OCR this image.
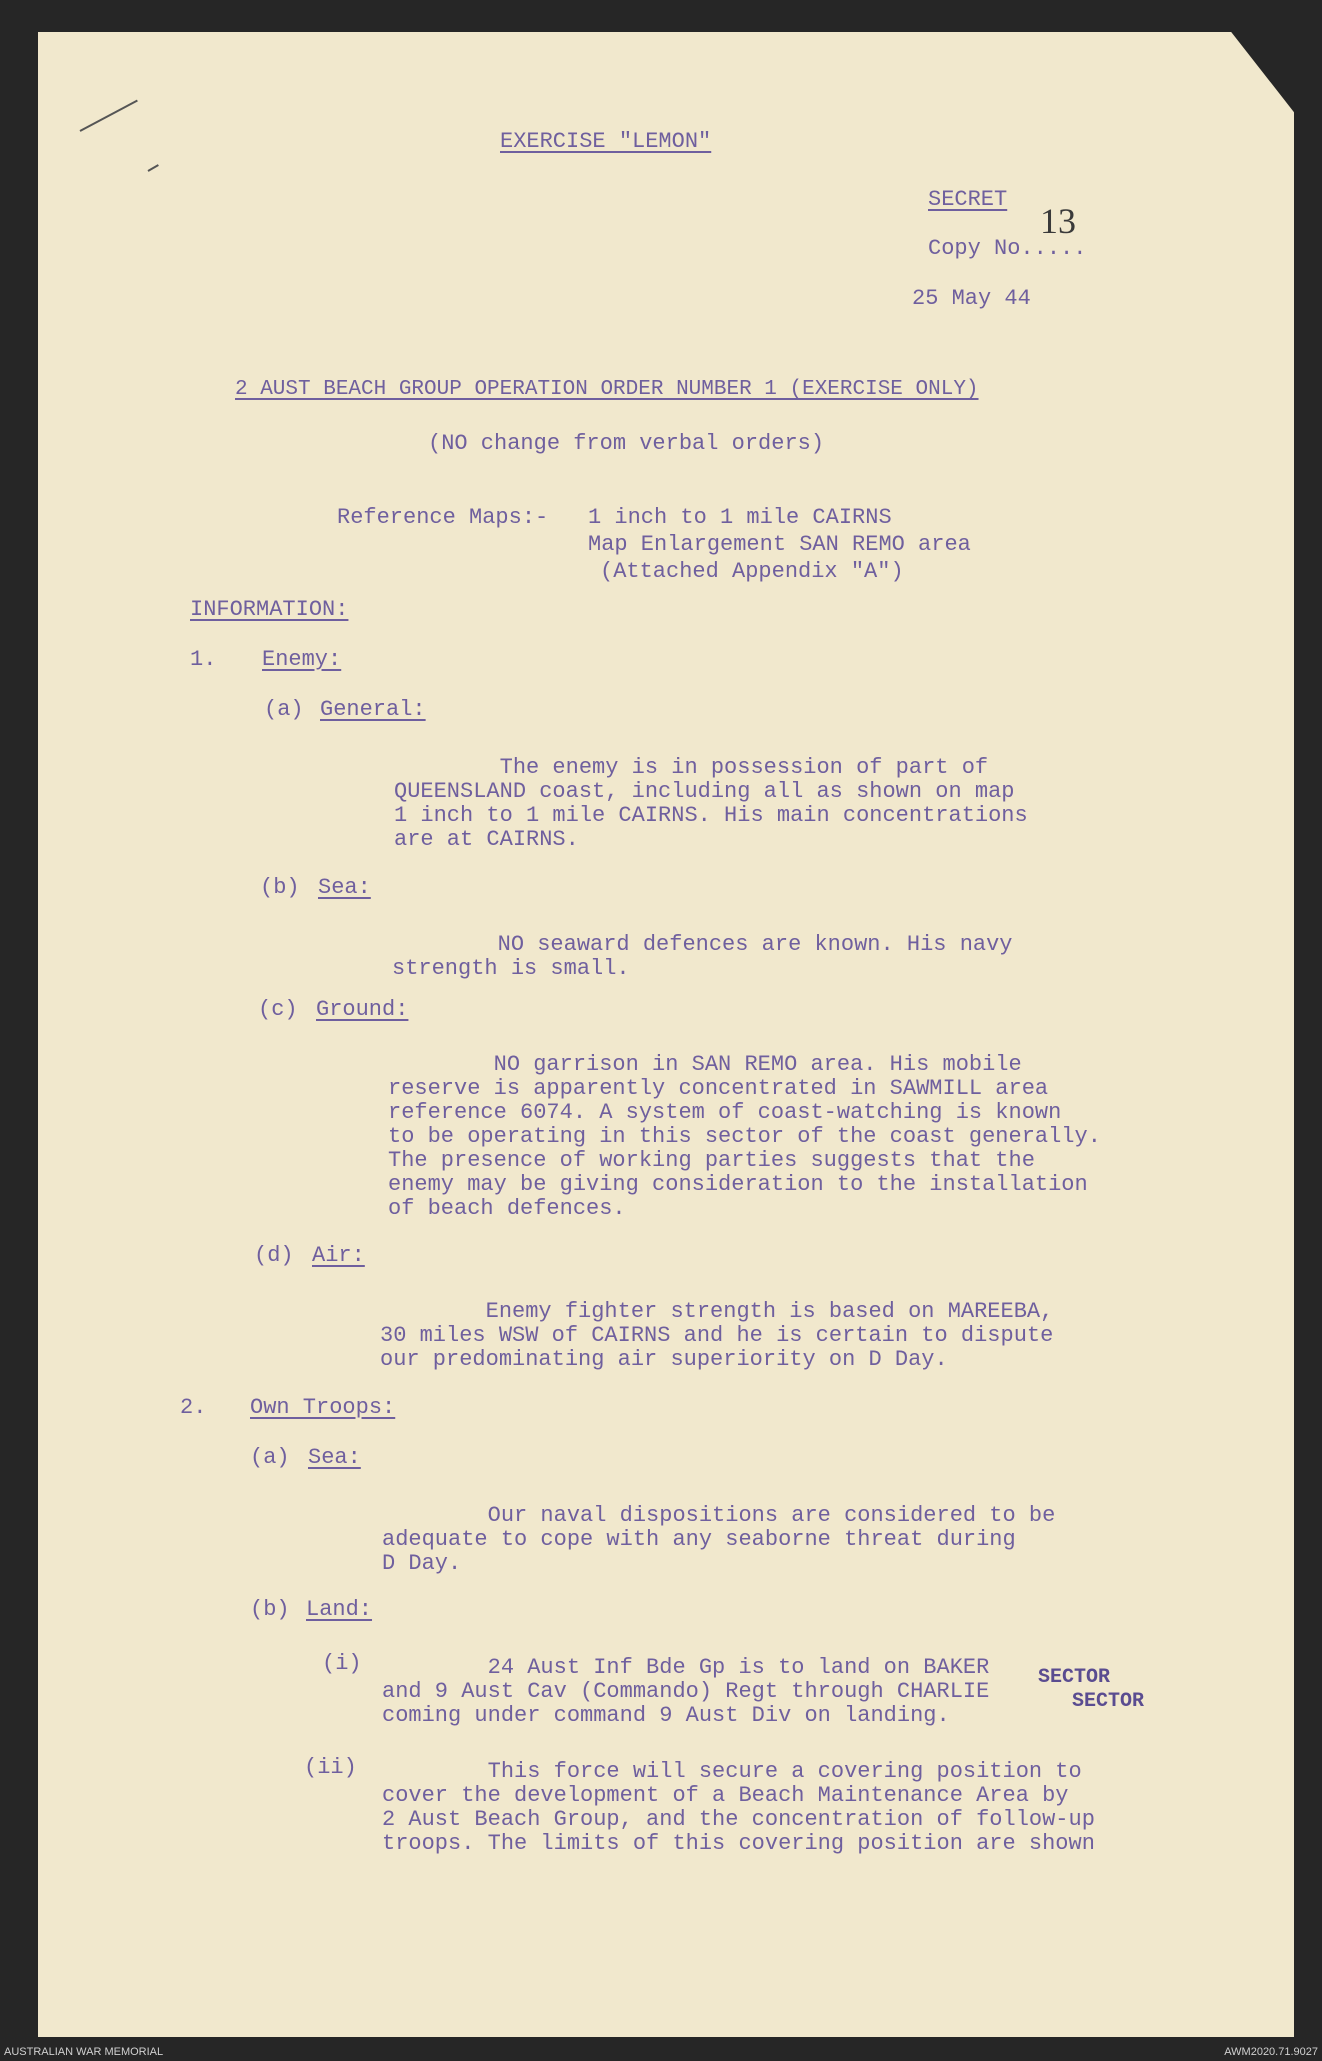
EXERCISE "LEMON"
SECRET
13
Copy No.....
25 May 44
2 AUST BEACH GROUP OPERATION ORDER NUMBER 1 (EXERCISE ONLY)
(NO change from verbal orders)
Reference Maps:- 1 inch to 1 mile CAIRNS
Map Enlargement SAN REMO area
(Attached Appendix "A")
INFORMATION:
1. Enemy:
(a) General:
The enemy is in possession of part of
QUEENSLAND coast, including all as shown on map
1 inch to 1 mile CAIRNS. His main concentrations
are at CAIRNS.
(b) Sea:
NO seaward defences are known. His navy
strength is small.
(c) Ground:
NO garrison in SAN REMO area. His mobile
reserve is apparently concentrated in SAWMILL area
reference 6074. A system of coast-watching is known
to be operating in this sector of the coast generally.
The presence of working parties suggests that the
enemy may be giving consideration to the installation
of beach defences.
(d) Air:
Enemy fighter strength is based on MAREEBA,
30 miles WSW of CAIRNS and he is certain to dispute
our predominating air superiority on D Day.
2. Own Troops:
(a) Sea:
Our naval dispositions are considered to be
adequate to cope with any seaborne threat during
D Day.
(b) Land:
(i) 24 Aust Inf Bde Gp is to land on BAKER
and 9 Aust Cav (Commando) Regt through CHARLIE
coming under command 9 Aust Div on landing.
SECTOR
SECTOR
(ii) This force will secure a covering position to
cover the development of a Beach Maintenance Area by
2 Aust Beach Group, and the concentration of follow-up
troops. The limits of this covering position are shown
AUSTRALIAN WAR MEMORIAL	AWM2020.71.9027
